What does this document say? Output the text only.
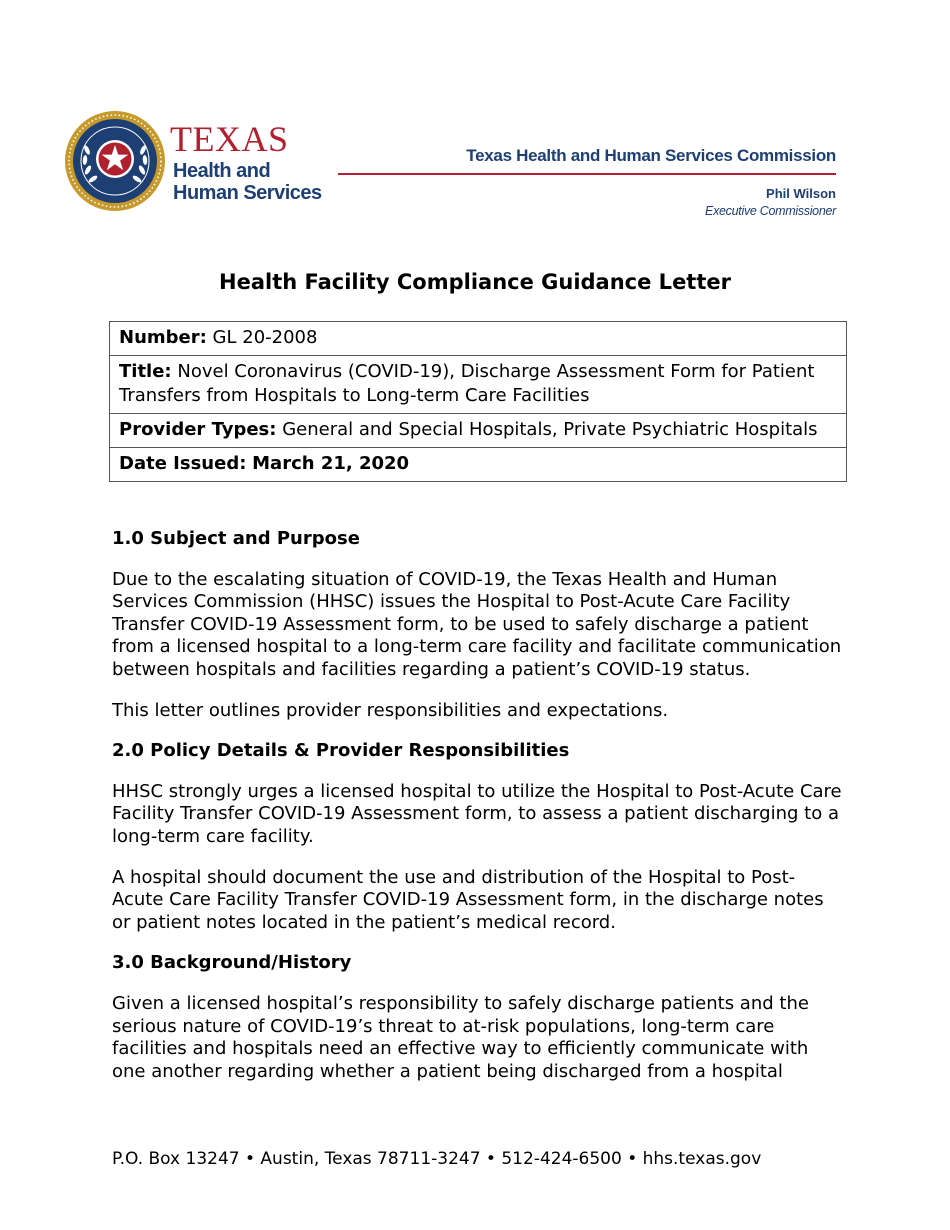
TEXAS
Health and Human Services
Texas Health and Human Services Commission
Phil Wilson
Executive Commissioner
Health Facility Compliance Guidance Letter
Number: GL 20-2008
Title: Novel Coronavirus (COVID-19), Discharge Assessment Form for Patient Transfers from Hospitals to Long-term Care Facilities
Provider Types: General and Special Hospitals, Private Psychiatric Hospitals
Date Issued: March 21, 2020
1.0 Subject and Purpose

Due to the escalating situation of COVID-19, the Texas Health and Human Services Commission (HHSC) issues the Hospital to Post-Acute Care Facility Transfer COVID-19 Assessment form, to be used to safely discharge a patient from a licensed hospital to a long-term care facility and facilitate communication between hospitals and facilities regarding a patient’s COVID-19 status.

This letter outlines provider responsibilities and expectations.

2.0 Policy Details & Provider Responsibilities

HHSC strongly urges a licensed hospital to utilize the Hospital to Post-Acute Care Facility Transfer COVID-19 Assessment form, to assess a patient discharging to a long-term care facility.

A hospital should document the use and distribution of the Hospital to Post-Acute Care Facility Transfer COVID-19 Assessment form, in the discharge notes or patient notes located in the patient’s medical record.

3.0 Background/History

Given a licensed hospital’s responsibility to safely discharge patients and the serious nature of COVID-19’s threat to at-risk populations, long-term care facilities and hospitals need an effective way to efficiently communicate with one another regarding whether a patient being discharged from a hospital

P.O. Box 13247 • Austin, Texas 78711-3247 • 512-424-6500 • hhs.texas.gov
